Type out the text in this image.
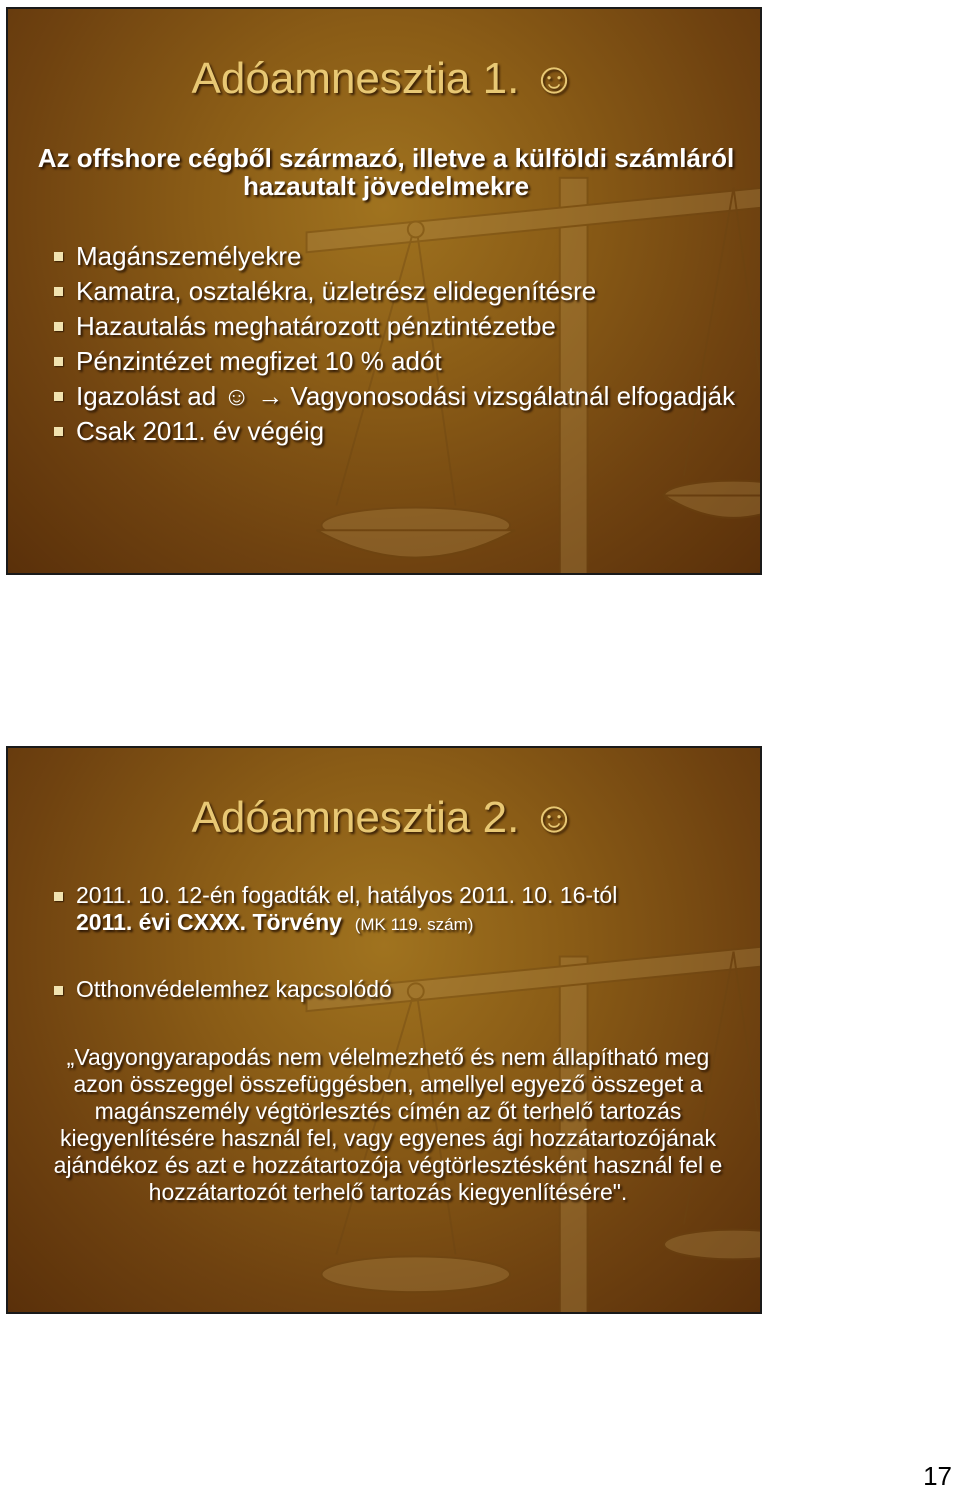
Adóamnesztia 1. ☺

Az offshore cégből származó, illetve a külföldi számláról hazautalt jövedelmekre

Magánszemélyekre
Kamatra, osztalékra, üzletrész elidegenítésre
Hazautalás meghatározott pénztintézetbe
Pénzintézet megfizet 10 % adót
Igazolást ad ☺ → Vagyonosodási vizsgálatnál elfogadják
Csak 2011. év végéig
Adóamnesztia 2. ☺
2011. 10. 12-én fogadták el, hatályos 2011. 10. 16-tól
2011. évi CXXX. Törvény (MK 119. szám)
Otthonvédelemhez kapcsolódó

„Vagyongyarapodás nem vélelmezhető és nem állapítható meg azon összeggel összefüggésben, amellyel egyező összeget a magánszemély végtörlesztés címén az őt terhelő tartozás kiegyenlítésére használ fel, vagy egyenes ági hozzátartozójának ajándékoz és azt e hozzátartozója végtörlesztésként használ fel e hozzátartozót terhelő tartozás kiegyenlítésére".

17
